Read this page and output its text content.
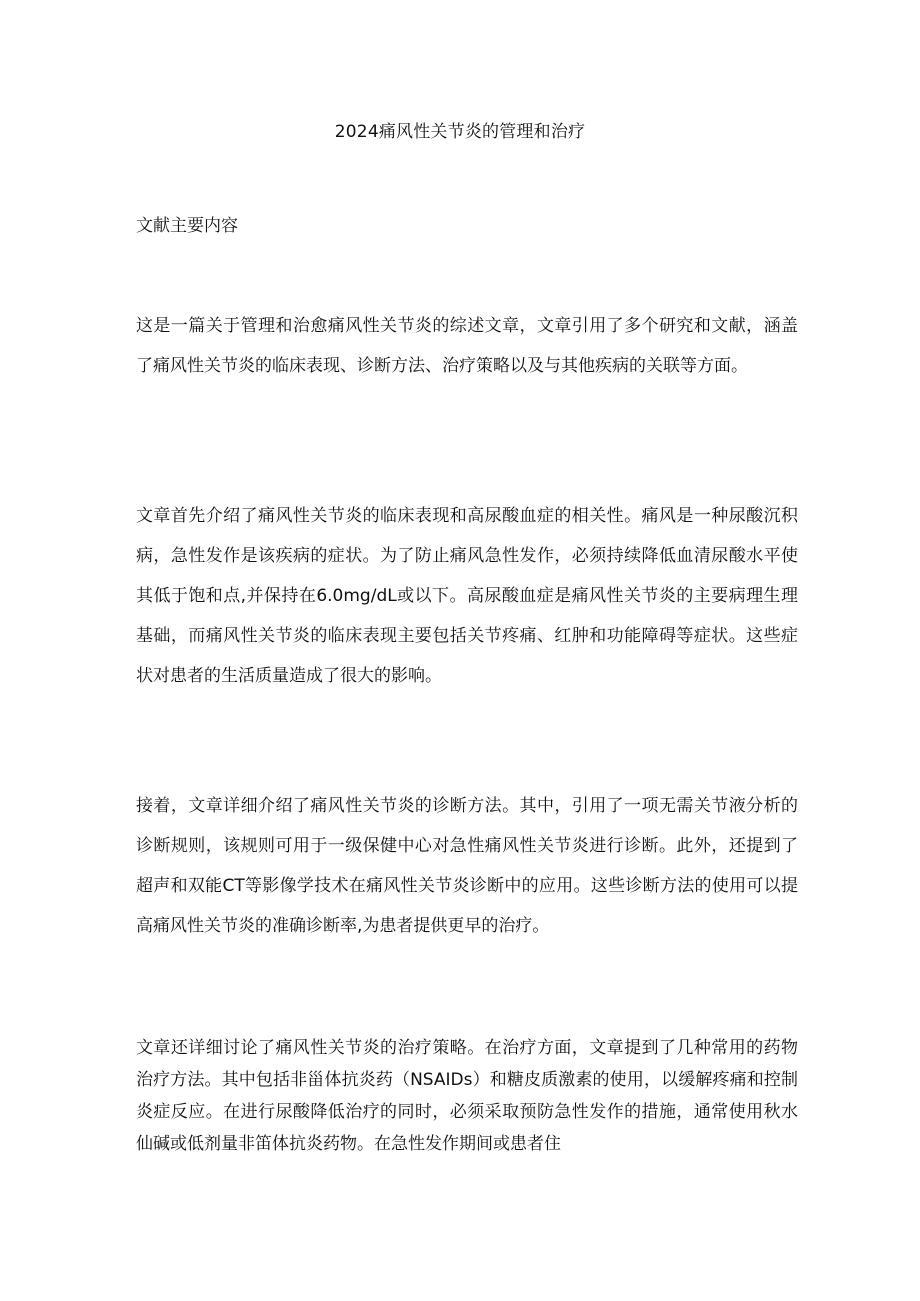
2024痛风性关节炎的管理和治疗
文献主要内容

这是一篇关于管理和治愈痛风性关节炎的综述文章，文章引用了多个研究和文献，涵盖了痛风性关节炎的临床表现、诊断方法、治疗策略以及与其他疾病的关联等方面。

文章首先介绍了痛风性关节炎的临床表现和高尿酸血症的相关性。痛风是一种尿酸沉积病，急性发作是该疾病的症状。为了防止痛风急性发作，必须持续降低血清尿酸水平使其低于饱和点,并保持在6.0mg/dL或以下。高尿酸血症是痛风性关节炎的主要病理生理基础，而痛风性关节炎的临床表现主要包括关节疼痛、红肿和功能障碍等症状。这些症状对患者的生活质量造成了很大的影响。

接着，文章详细介绍了痛风性关节炎的诊断方法。其中，引用了一项无需关节液分析的诊断规则，该规则可用于一级保健中心对急性痛风性关节炎进行诊断。此外，还提到了超声和双能CT等影像学技术在痛风性关节炎诊断中的应用。这些诊断方法的使用可以提高痛风性关节炎的准确诊断率,为患者提供更早的治疗。

文章还详细讨论了痛风性关节炎的治疗策略。在治疗方面，文章提到了几种常用的药物治疗方法。其中包括非甾体抗炎药（NSAIDs）和糖皮质激素的使用，以缓解疼痛和控制炎症反应。在进行尿酸降低治疗的同时，必须采取预防急性发作的措施，通常使用秋水仙碱或低剂量非笛体抗炎药物。在急性发作期间或患者住
